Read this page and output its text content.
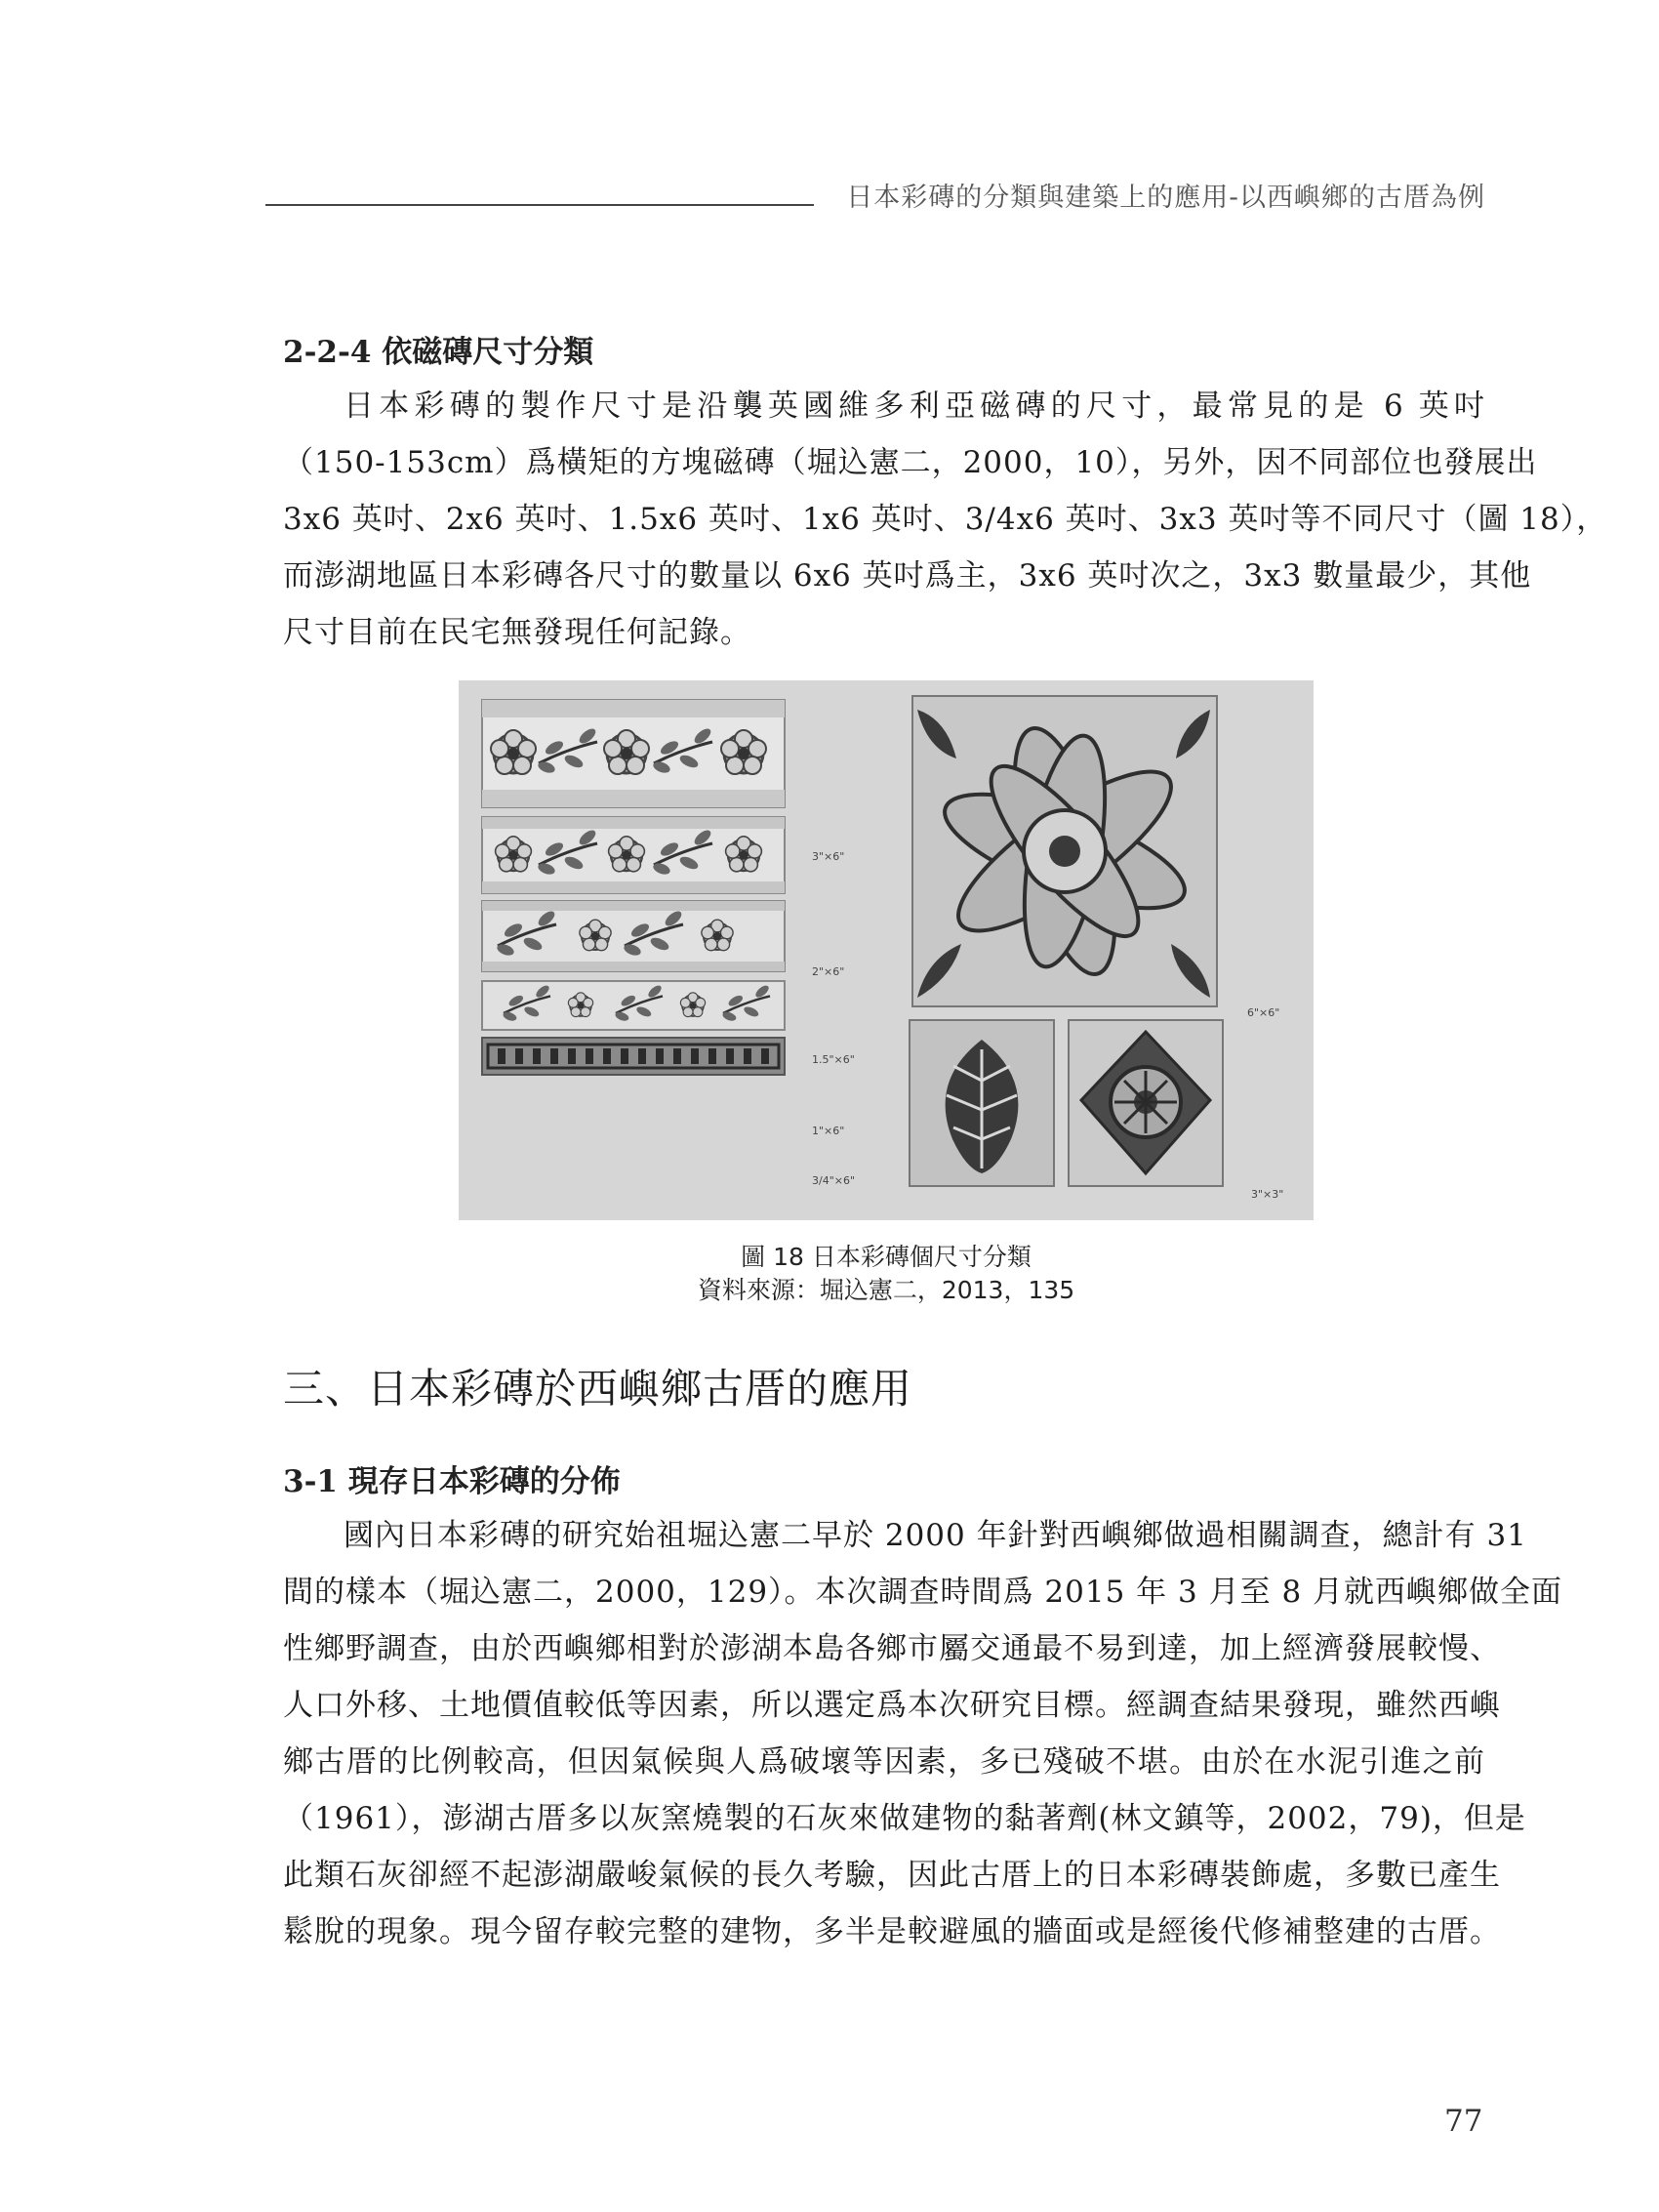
日本彩磚的分類與建築上的應用-以西嶼鄉的古厝為例
2-2-4 依磁磚尺寸分類
日本彩磚的製作尺寸是沿襲英國維多利亞磁磚的尺寸，最常見的是 6 英吋
（150-153cm）爲橫矩的方塊磁磚（堀込憲二，2000，10），另外，因不同部位也發展出
3x6 英吋、2x6 英吋、1.5x6 英吋、1x6 英吋、3/4x6 英吋、3x3 英吋等不同尺寸（圖 18），
而澎湖地區日本彩磚各尺寸的數量以 6x6 英吋爲主，3x6 英吋次之，3x3 數量最少，其他
尺寸目前在民宅無發現任何記錄。
3"×6"
2"×6"
1.5"×6"
1"×6"
3/4"×6"
6"×6"
3"×3"
圖 18 日本彩磚個尺寸分類
資料來源：堀込憲二，2013，135
三、日本彩磚於西嶼鄉古厝的應用
3-1 現存日本彩磚的分佈
國內日本彩磚的研究始祖堀込憲二早於 2000 年針對西嶼鄉做過相關調查，總計有 31
間的樣本（堀込憲二，2000，129）。本次調查時間爲 2015 年 3 月至 8 月就西嶼鄉做全面
性鄉野調查，由於西嶼鄉相對於澎湖本島各鄉市屬交通最不易到達，加上經濟發展較慢、
人口外移、土地價值較低等因素，所以選定爲本次研究目標。經調查結果發現，雖然西嶼
鄉古厝的比例較高，但因氣候與人爲破壞等因素，多已殘破不堪。由於在水泥引進之前
（1961），澎湖古厝多以灰窯燒製的石灰來做建物的黏著劑(林文鎮等，2002，79)，但是
此類石灰卻經不起澎湖嚴峻氣候的長久考驗，因此古厝上的日本彩磚裝飾處，多數已產生
鬆脫的現象。現今留存較完整的建物，多半是較避風的牆面或是經後代修補整建的古厝。
77
